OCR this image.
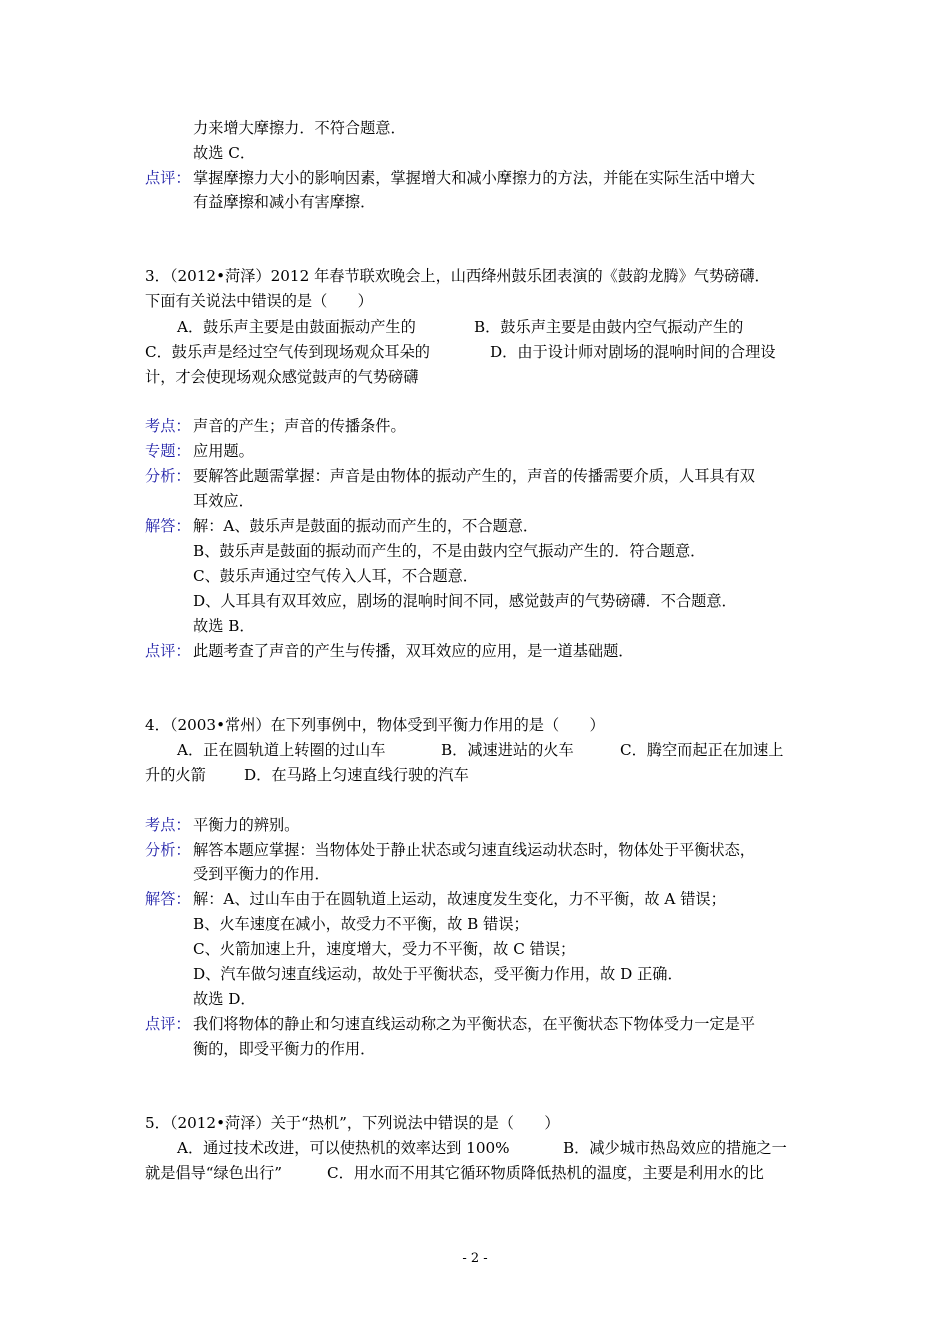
力来增大摩擦力．不符合题意．
故选 C．
点评： 掌握摩擦力大小的影响因素，掌握增大和减小摩擦力的方法，并能在实际生活中增大
有益摩擦和减小有害摩擦．
3．（2012•菏泽）2012 年春节联欢晚会上，山西绛州鼓乐团表演的《鼓韵龙腾》气势磅礴．
下面有关说法中错误的是（　　）
A．鼓乐声主要是由鼓面振动产生的	B．鼓乐声主要是由鼓内空气振动产生的
C．鼓乐声是经过空气传到现场观众耳朵的	D．由于设计师对剧场的混响时间的合理设
计，才会使现场观众感觉鼓声的气势磅礴
考点： 声音的产生；声音的传播条件。
专题： 应用题。
分析： 要解答此题需掌握：声音是由物体的振动产生的，声音的传播需要介质，人耳具有双
耳效应．
解答： 解：A、鼓乐声是鼓面的振动而产生的，不合题意．
B、鼓乐声是鼓面的振动而产生的，不是由鼓内空气振动产生的．符合题意．
C、鼓乐声通过空气传入人耳，不合题意．
D、人耳具有双耳效应，剧场的混响时间不同，感觉鼓声的气势磅礴．不合题意．
故选 B．
点评： 此题考查了声音的产生与传播，双耳效应的应用，是一道基础题．
4．（2003•常州）在下列事例中，物体受到平衡力作用的是（　　）
A．正在圆轨道上转圈的过山车	B．减速进站的火车	C．腾空而起正在加速上
升的火箭	D．在马路上匀速直线行驶的汽车
考点： 平衡力的辨别。
分析： 解答本题应掌握：当物体处于静止状态或匀速直线运动状态时，物体处于平衡状态，
受到平衡力的作用．
解答： 解：A、过山车由于在圆轨道上运动，故速度发生变化，力不平衡，故 A 错误；
B、火车速度在减小，故受力不平衡，故 B 错误；
C、火箭加速上升，速度增大，受力不平衡，故 C 错误；
D、汽车做匀速直线运动，故处于平衡状态，受平衡力作用，故 D 正确．
故选 D．
点评： 我们将物体的静止和匀速直线运动称之为平衡状态，在平衡状态下物体受力一定是平
衡的，即受平衡力的作用．
5．（2012•菏泽）关于“热机”，下列说法中错误的是（　　）
A．通过技术改进，可以使热机的效率达到 100%	B．减少城市热岛效应的措施之一
就是倡导“绿色出行”	C．用水而不用其它循环物质降低热机的温度，主要是利用水的比
- 2 -
